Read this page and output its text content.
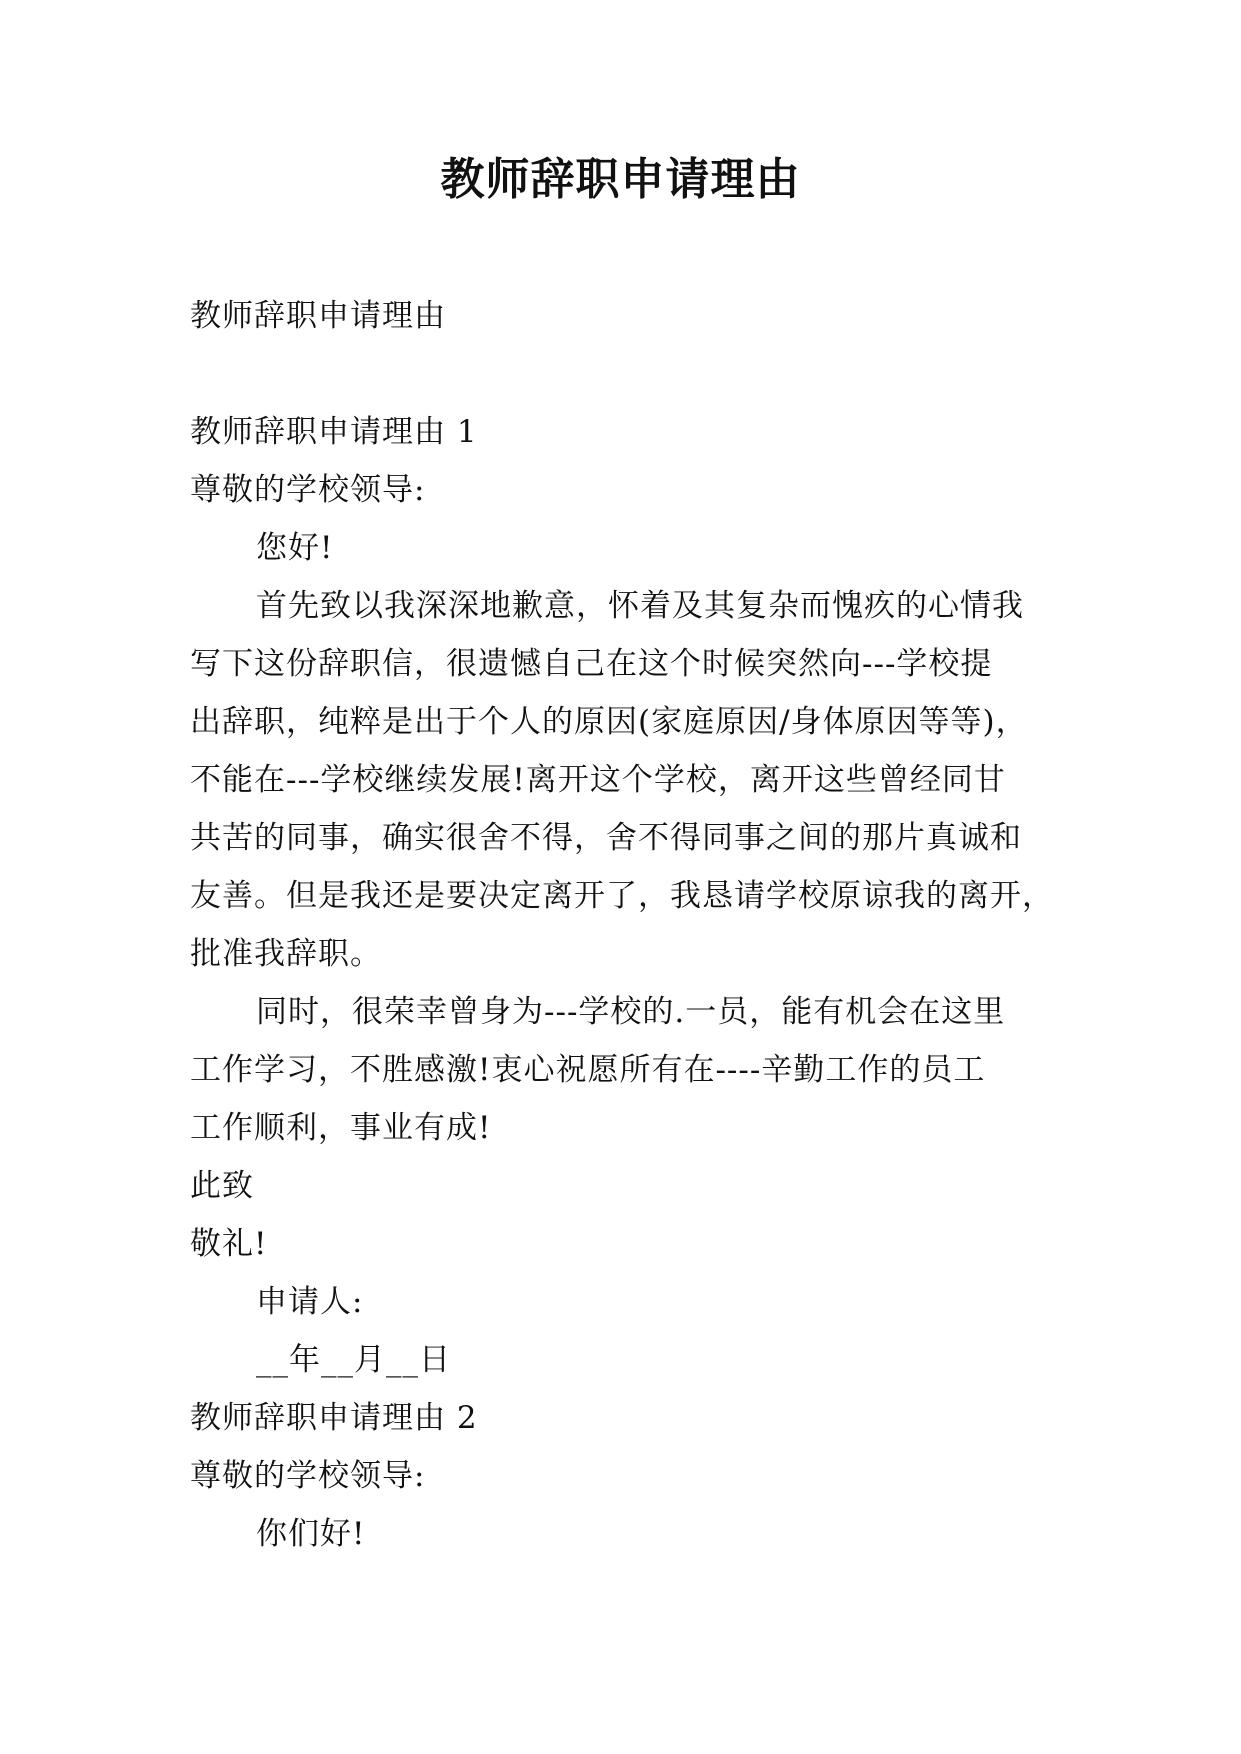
教师辞职申请理由
教师辞职申请理由
教师辞职申请理由 1
尊敬的学校领导:
您好!
首先致以我深深地歉意，怀着及其复杂而愧疚的心情我
写下这份辞职信，很遗憾自己在这个时候突然向---学校提
出辞职，纯粹是出于个人的原因(家庭原因/身体原因等等)，
不能在---学校继续发展!离开这个学校，离开这些曾经同甘
共苦的同事，确实很舍不得，舍不得同事之间的那片真诚和
友善。但是我还是要决定离开了，我恳请学校原谅我的离开，
批准我辞职。
同时，很荣幸曾身为---学校的.一员，能有机会在这里
工作学习，不胜感激!衷心祝愿所有在----辛勤工作的员工
工作顺利，事业有成!
此致
敬礼!
申请人:
__年__月__日
教师辞职申请理由 2
尊敬的学校领导:
你们好!
